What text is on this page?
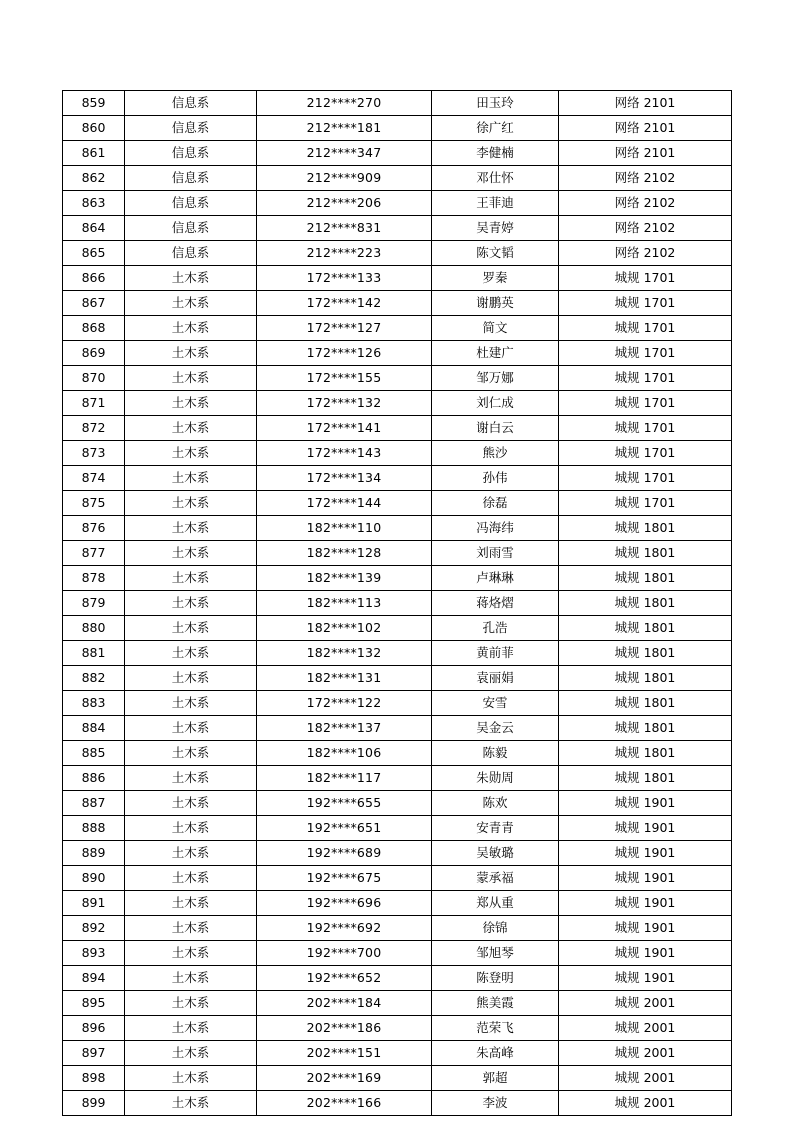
859	信息系	212****270	田玉玲	网络 2101
860	信息系	212****181	徐广红	网络 2101
861	信息系	212****347	李健楠	网络 2101
862	信息系	212****909	邓仕怀	网络 2102
863	信息系	212****206	王菲迪	网络 2102
864	信息系	212****831	吴青婷	网络 2102
865	信息系	212****223	陈文韬	网络 2102
866	土木系	172****133	罗秦	城规 1701
867	土木系	172****142	谢鹏英	城规 1701
868	土木系	172****127	简文	城规 1701
869	土木系	172****126	杜建广	城规 1701
870	土木系	172****155	邹万娜	城规 1701
871	土木系	172****132	刘仁成	城规 1701
872	土木系	172****141	谢白云	城规 1701
873	土木系	172****143	熊沙	城规 1701
874	土木系	172****134	孙伟	城规 1701
875	土木系	172****144	徐磊	城规 1701
876	土木系	182****110	冯海纬	城规 1801
877	土木系	182****128	刘雨雪	城规 1801
878	土木系	182****139	卢琳琳	城规 1801
879	土木系	182****113	蒋烙熠	城规 1801
880	土木系	182****102	孔浩	城规 1801
881	土木系	182****132	黄前菲	城规 1801
882	土木系	182****131	袁丽娟	城规 1801
883	土木系	172****122	安雪	城规 1801
884	土木系	182****137	吴金云	城规 1801
885	土木系	182****106	陈毅	城规 1801
886	土木系	182****117	朱勋周	城规 1801
887	土木系	192****655	陈欢	城规 1901
888	土木系	192****651	安青青	城规 1901
889	土木系	192****689	吴敏璐	城规 1901
890	土木系	192****675	蒙承福	城规 1901
891	土木系	192****696	郑从重	城规 1901
892	土木系	192****692	徐锦	城规 1901
893	土木系	192****700	邹旭琴	城规 1901
894	土木系	192****652	陈登明	城规 1901
895	土木系	202****184	熊美霞	城规 2001
896	土木系	202****186	范荣飞	城规 2001
897	土木系	202****151	朱高峰	城规 2001
898	土木系	202****169	郭超	城规 2001
899	土木系	202****166	李波	城规 2001
